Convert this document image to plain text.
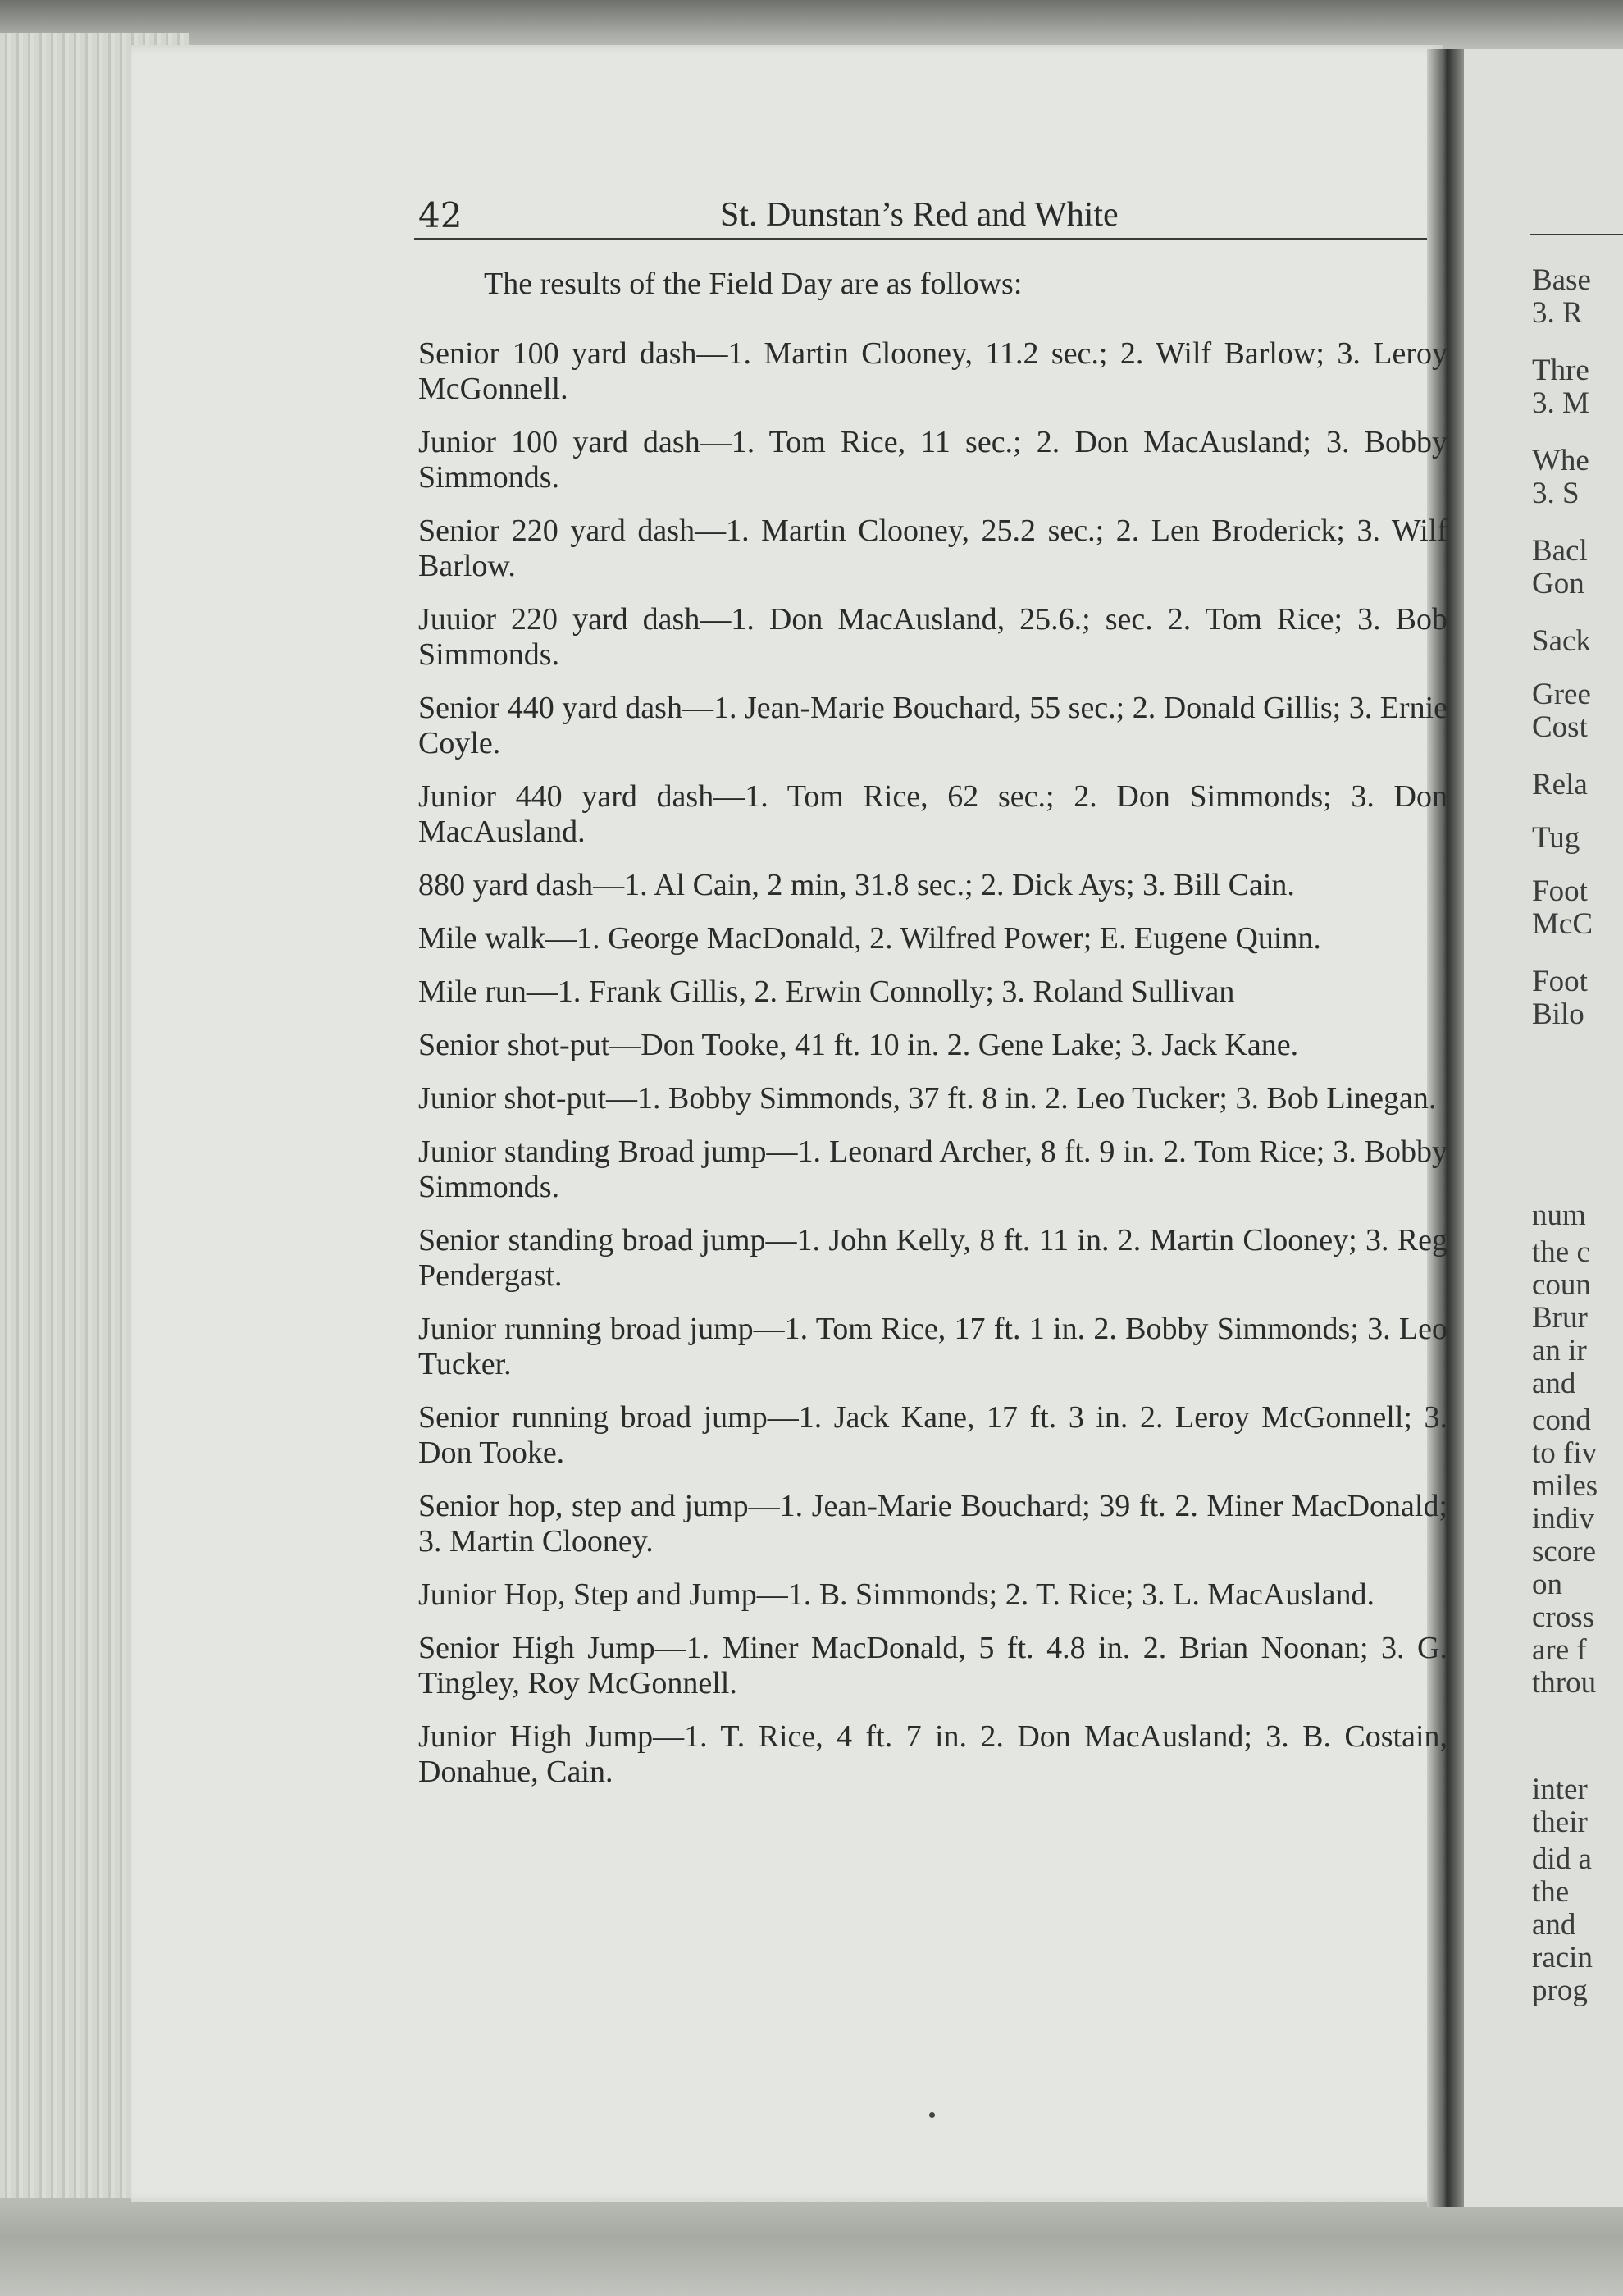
42	St. Dunstan’s Red and White

The results of the Field Day are as follows:

Senior 100 yard dash—1. Martin Clooney, 11.2 sec.; 2. Wilf Barlow; 3. Leroy McGonnell.

Junior 100 yard dash—1. Tom Rice, 11 sec.; 2. Don MacAusland; 3. Bobby Simmonds.

Senior 220 yard dash—1. Martin Clooney, 25.2 sec.; 2. Len Broderick; 3. Wilf Barlow.

Juuior 220 yard dash—1. Don MacAusland, 25.6.; sec. 2. Tom Rice; 3. Bob Simmonds.

Senior 440 yard dash—1. Jean-Marie Bouchard, 55 sec.; 2. Donald Gillis; 3. Ernie Coyle.

Junior 440 yard dash—1. Tom Rice, 62 sec.; 2. Don Simmonds; 3. Don MacAusland.

880 yard dash—1. Al Cain, 2 min, 31.8 sec.; 2. Dick Ays; 3. Bill Cain.

Mile walk—1. George MacDonald, 2. Wilfred Power; E. Eugene Quinn.

Mile run—1. Frank Gillis, 2. Erwin Connolly; 3. Roland Sullivan

Senior shot-put—Don Tooke, 41 ft. 10 in. 2. Gene Lake; 3. Jack Kane.

Junior shot-put—1. Bobby Simmonds, 37 ft. 8 in. 2. Leo Tucker; 3. Bob Linegan.

Junior standing Broad jump—1. Leonard Archer, 8 ft. 9 in. 2. Tom Rice; 3. Bobby Simmonds.

Senior standing broad jump—1. John Kelly, 8 ft. 11 in. 2. Martin Clooney; 3. Reg Pendergast.

Junior running broad jump—1. Tom Rice, 17 ft. 1 in. 2. Bobby Simmonds; 3. Leo Tucker.

Senior running broad jump—1. Jack Kane, 17 ft. 3 in. 2. Leroy McGonnell; 3. Don Tooke.

Senior hop, step and jump—1. Jean-Marie Bouchard; 39 ft. 2. Miner MacDonald; 3. Martin Clooney.

Junior Hop, Step and Jump—1. B. Simmonds; 2. T. Rice; 3. L. MacAusland.

Senior High Jump—1. Miner MacDonald, 5 ft. 4.8 in. 2. Brian Noonan; 3. G. Tingley, Roy McGonnell.

Junior High Jump—1. T. Rice, 4 ft. 7 in. 2. Don MacAusland; 3. B. Costain, Donahue, Cain.

Base
3. R
Thre
3. M
Whe
3. S
Bacl
Gon
Sack
Gree
Cost
Rela
Tug
Foot
McC
Foot
Bilo
num
the c
coun
Brur
an ir
and
cond
to fiv
miles
indiv
score
on
cross
are f
throu
inter
their
did a
the
and
racin
prog
